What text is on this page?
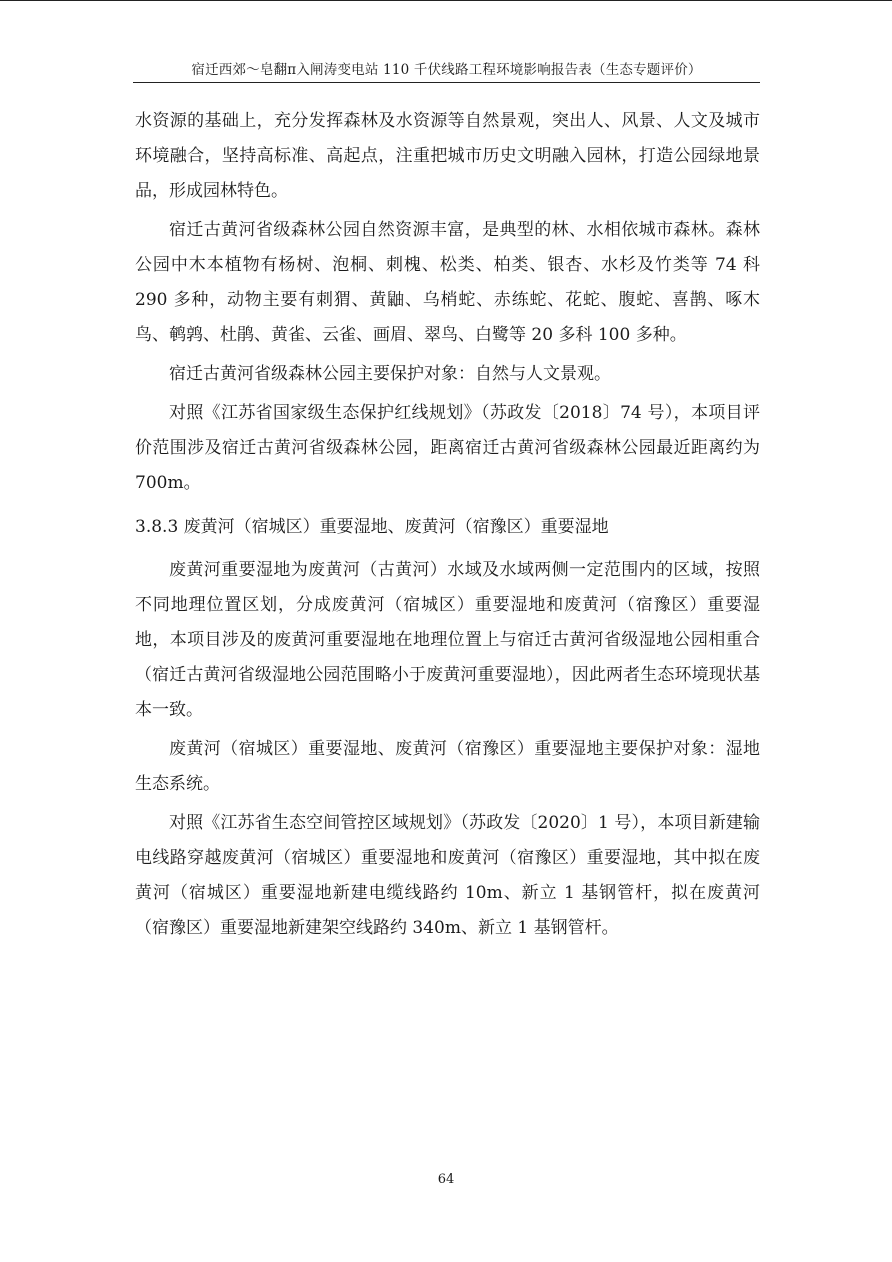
宿迁西郊～皂翻π入闸涛变电站 110 千伏线路工程环境影响报告表（生态专题评价）

水资源的基础上，充分发挥森林及水资源等自然景观，突出人、风景、人文及城市环境融合，坚持高标准、高起点，注重把城市历史文明融入园林，打造公园绿地景品，形成园林特色。

宿迁古黄河省级森林公园自然资源丰富，是典型的林、水相依城市森林。森林公园中木本植物有杨树、泡桐、刺槐、松类、柏类、银杏、水杉及竹类等 74 科 290 多种，动物主要有刺猬、黄鼬、乌梢蛇、赤练蛇、花蛇、腹蛇、喜鹊、啄木鸟、鹌鹑、杜鹃、黄雀、云雀、画眉、翠鸟、白鹭等 20 多科 100 多种。

宿迁古黄河省级森林公园主要保护对象：自然与人文景观。

对照《江苏省国家级生态保护红线规划》（苏政发〔2018〕74 号），本项目评价范围涉及宿迁古黄河省级森林公园，距离宿迁古黄河省级森林公园最近距离约为 700m。

3.8.3 废黄河（宿城区）重要湿地、废黄河（宿豫区）重要湿地

废黄河重要湿地为废黄河（古黄河）水域及水域两侧一定范围内的区域，按照不同地理位置区划，分成废黄河（宿城区）重要湿地和废黄河（宿豫区）重要湿地，本项目涉及的废黄河重要湿地在地理位置上与宿迁古黄河省级湿地公园相重合（宿迁古黄河省级湿地公园范围略小于废黄河重要湿地），因此两者生态环境现状基本一致。

废黄河（宿城区）重要湿地、废黄河（宿豫区）重要湿地主要保护对象：湿地生态系统。

对照《江苏省生态空间管控区域规划》（苏政发〔2020〕1 号），本项目新建输电线路穿越废黄河（宿城区）重要湿地和废黄河（宿豫区）重要湿地，其中拟在废黄河（宿城区）重要湿地新建电缆线路约 10m、新立 1 基钢管杆，拟在废黄河（宿豫区）重要湿地新建架空线路约 340m、新立 1 基钢管杆。

64
